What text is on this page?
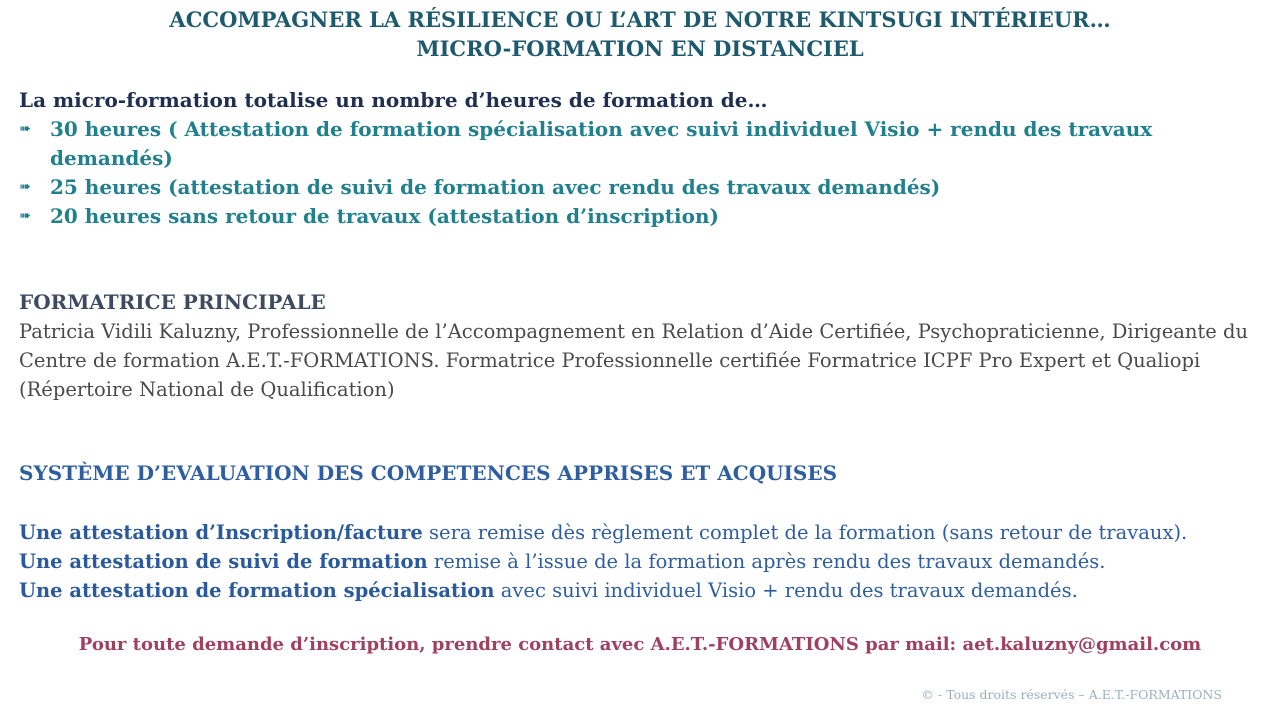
ACCOMPAGNER LA RÉSILIENCE OU L’ART DE NOTRE KINTSUGI INTÉRIEUR…
MICRO-FORMATION EN DISTANCIEL
La micro-formation totalise un nombre d’heures de formation de…
➠ 30 heures ( Attestation de formation spécialisation avec suivi individuel Visio + rendu des travaux demandés)
➠ 25 heures (attestation de suivi de formation avec rendu des travaux demandés)
➠ 20 heures sans retour de travaux (attestation d’inscription)
FORMATRICE PRINCIPALE
Patricia Vidili Kaluzny, Professionnelle de l’Accompagnement en Relation d’Aide Certifiée, Psychopraticienne, Dirigeante du Centre de formation A.E.T.-FORMATIONS. Formatrice Professionnelle certifiée Formatrice ICPF Pro Expert et Qualiopi (Répertoire National de Qualification)
SYSTÈME D’EVALUATION DES COMPETENCES APPRISES ET ACQUISES
Une attestation d’Inscription/facture sera remise dès règlement complet de la formation (sans retour de travaux).
Une attestation de suivi de formation remise à l’issue de la formation après rendu des travaux demandés.
Une attestation de formation spécialisation avec suivi individuel Visio + rendu des travaux demandés.
Pour toute demande d’inscription, prendre contact avec A.E.T.-FORMATIONS par mail: aet.kaluzny@gmail.com
© - Tous droits réservés – A.E.T.-FORMATIONS
